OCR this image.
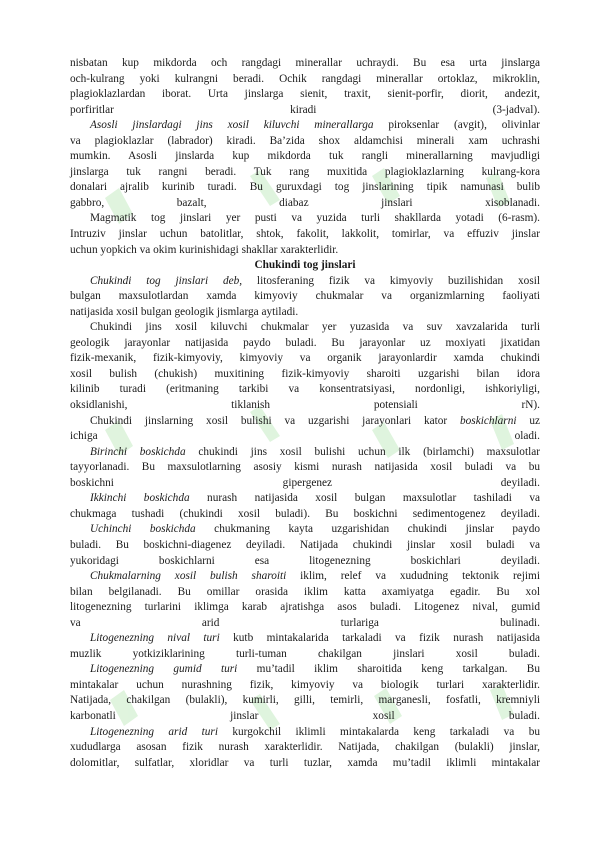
nisbatan kup mikdorda och rangdagi minerallar uchraydi. Bu esa urta jinslarga
och-kulrang yoki kulrangni beradi. Ochik rangdagi minerallar ortoklaz, mikroklin,
plagioklazlardan iborat. Urta jinslarga sienit, traxit, sienit-porfir, diorit, andezit,
porfiritlar kiradi (3-jadval).

Asosli jinslardagi jins xosil kiluvchi minerallarga piroksenlar (avgit), olivinlar
va plagioklazlar (labrador) kiradi. Ba’zida shox aldamchisi minerali xam uchrashi
mumkin. Asosli jinslarda kup mikdorda tuk rangli minerallarning mavjudligi
jinslarga tuk rangni beradi. Tuk rang muxitida plagioklazlarning kulrang-kora
donalari ajralib kurinib turadi. Bu guruxdagi tog jinslarining tipik namunasi bulib
gabbro, bazalt, diabaz jinslari xisoblanadi.

Magmatik tog jinslari yer pusti va yuzida turli shakllarda yotadi (6-rasm).
Intruziv jinslar uchun batolitlar, shtok, fakolit, lakkolit, tomirlar, va effuziv jinslar
uchun yopkich va okim kurinishidagi shakllar xarakterlidir.

Chukindi tog jinslari

Chukindi tog jinslari deb, litosferaning fizik va kimyoviy buzilishidan xosil
bulgan maxsulotlardan xamda kimyoviy chukmalar va organizmlarning faoliyati
natijasida xosil bulgan geologik jismlarga aytiladi.

Chukindi jins xosil kiluvchi chukmalar yer yuzasida va suv xavzalarida turli
geologik jarayonlar natijasida paydo buladi. Bu jarayonlar uz moxiyati jixatidan
fizik-mexanik, fizik-kimyoviy, kimyoviy va organik jarayonlardir xamda chukindi
xosil bulish (chukish) muxitining fizik-kimyoviy sharoiti uzgarishi bilan idora
kilinib turadi (eritmaning tarkibi va konsentratsiyasi, nordonligi, ishkoriyligi,
oksidlanishi, tiklanish potensiali rN).

Chukindi jinslarning xosil bulishi va uzgarishi jarayonlari kator boskichlarni uz
ichiga oladi.

Birinchi boskichda chukindi jins xosil bulishi uchun ilk (birlamchi) maxsulotlar
tayyorlanadi. Bu maxsulotlarning asosiy kismi nurash natijasida xosil buladi va bu
boskichni gipergenez deyiladi.

Ikkinchi boskichda nurash natijasida xosil bulgan maxsulotlar tashiladi va
chukmaga tushadi (chukindi xosil buladi). Bu boskichni sedimentogenez deyiladi.

Uchinchi boskichda chukmaning kayta uzgarishidan chukindi jinslar paydo
buladi. Bu boskichni-diagenez deyiladi. Natijada chukindi jinslar xosil buladi va
yukoridagi boskichlarni esa litogenezning boskichlari deyiladi.

Chukmalarning xosil bulish sharoiti iklim, relef va xududning tektonik rejimi
bilan belgilanadi. Bu omillar orasida iklim katta axamiyatga egadir. Bu xol
litogenezning turlarini iklimga karab ajratishga asos buladi. Litogenez nival, gumid
va arid turlariga bulinadi.

Litogenezning nival turi kutb mintakalarida tarkaladi va fizik nurash natijasida
muzlik yotkiziklarining turli-tuman chakilgan jinslari xosil buladi.

Litogenezning gumid turi mu’tadil iklim sharoitida keng tarkalgan. Bu
mintakalar uchun nurashning fizik, kimyoviy va biologik turlari xarakterlidir.
Natijada, chakilgan (bulakli), kumirli, gilli, temirli, marganesli, fosfatli, kremniyli
karbonatli jinslar xosil buladi.

Litogenezning arid turi kurgokchil iklimli mintakalarda keng tarkaladi va bu
xududlarga asosan fizik nurash xarakterlidir. Natijada, chakilgan (bulakli) jinslar,
dolomitlar, sulfatlar, xloridlar va turli tuzlar, xamda mu’tadil iklimli mintakalar
